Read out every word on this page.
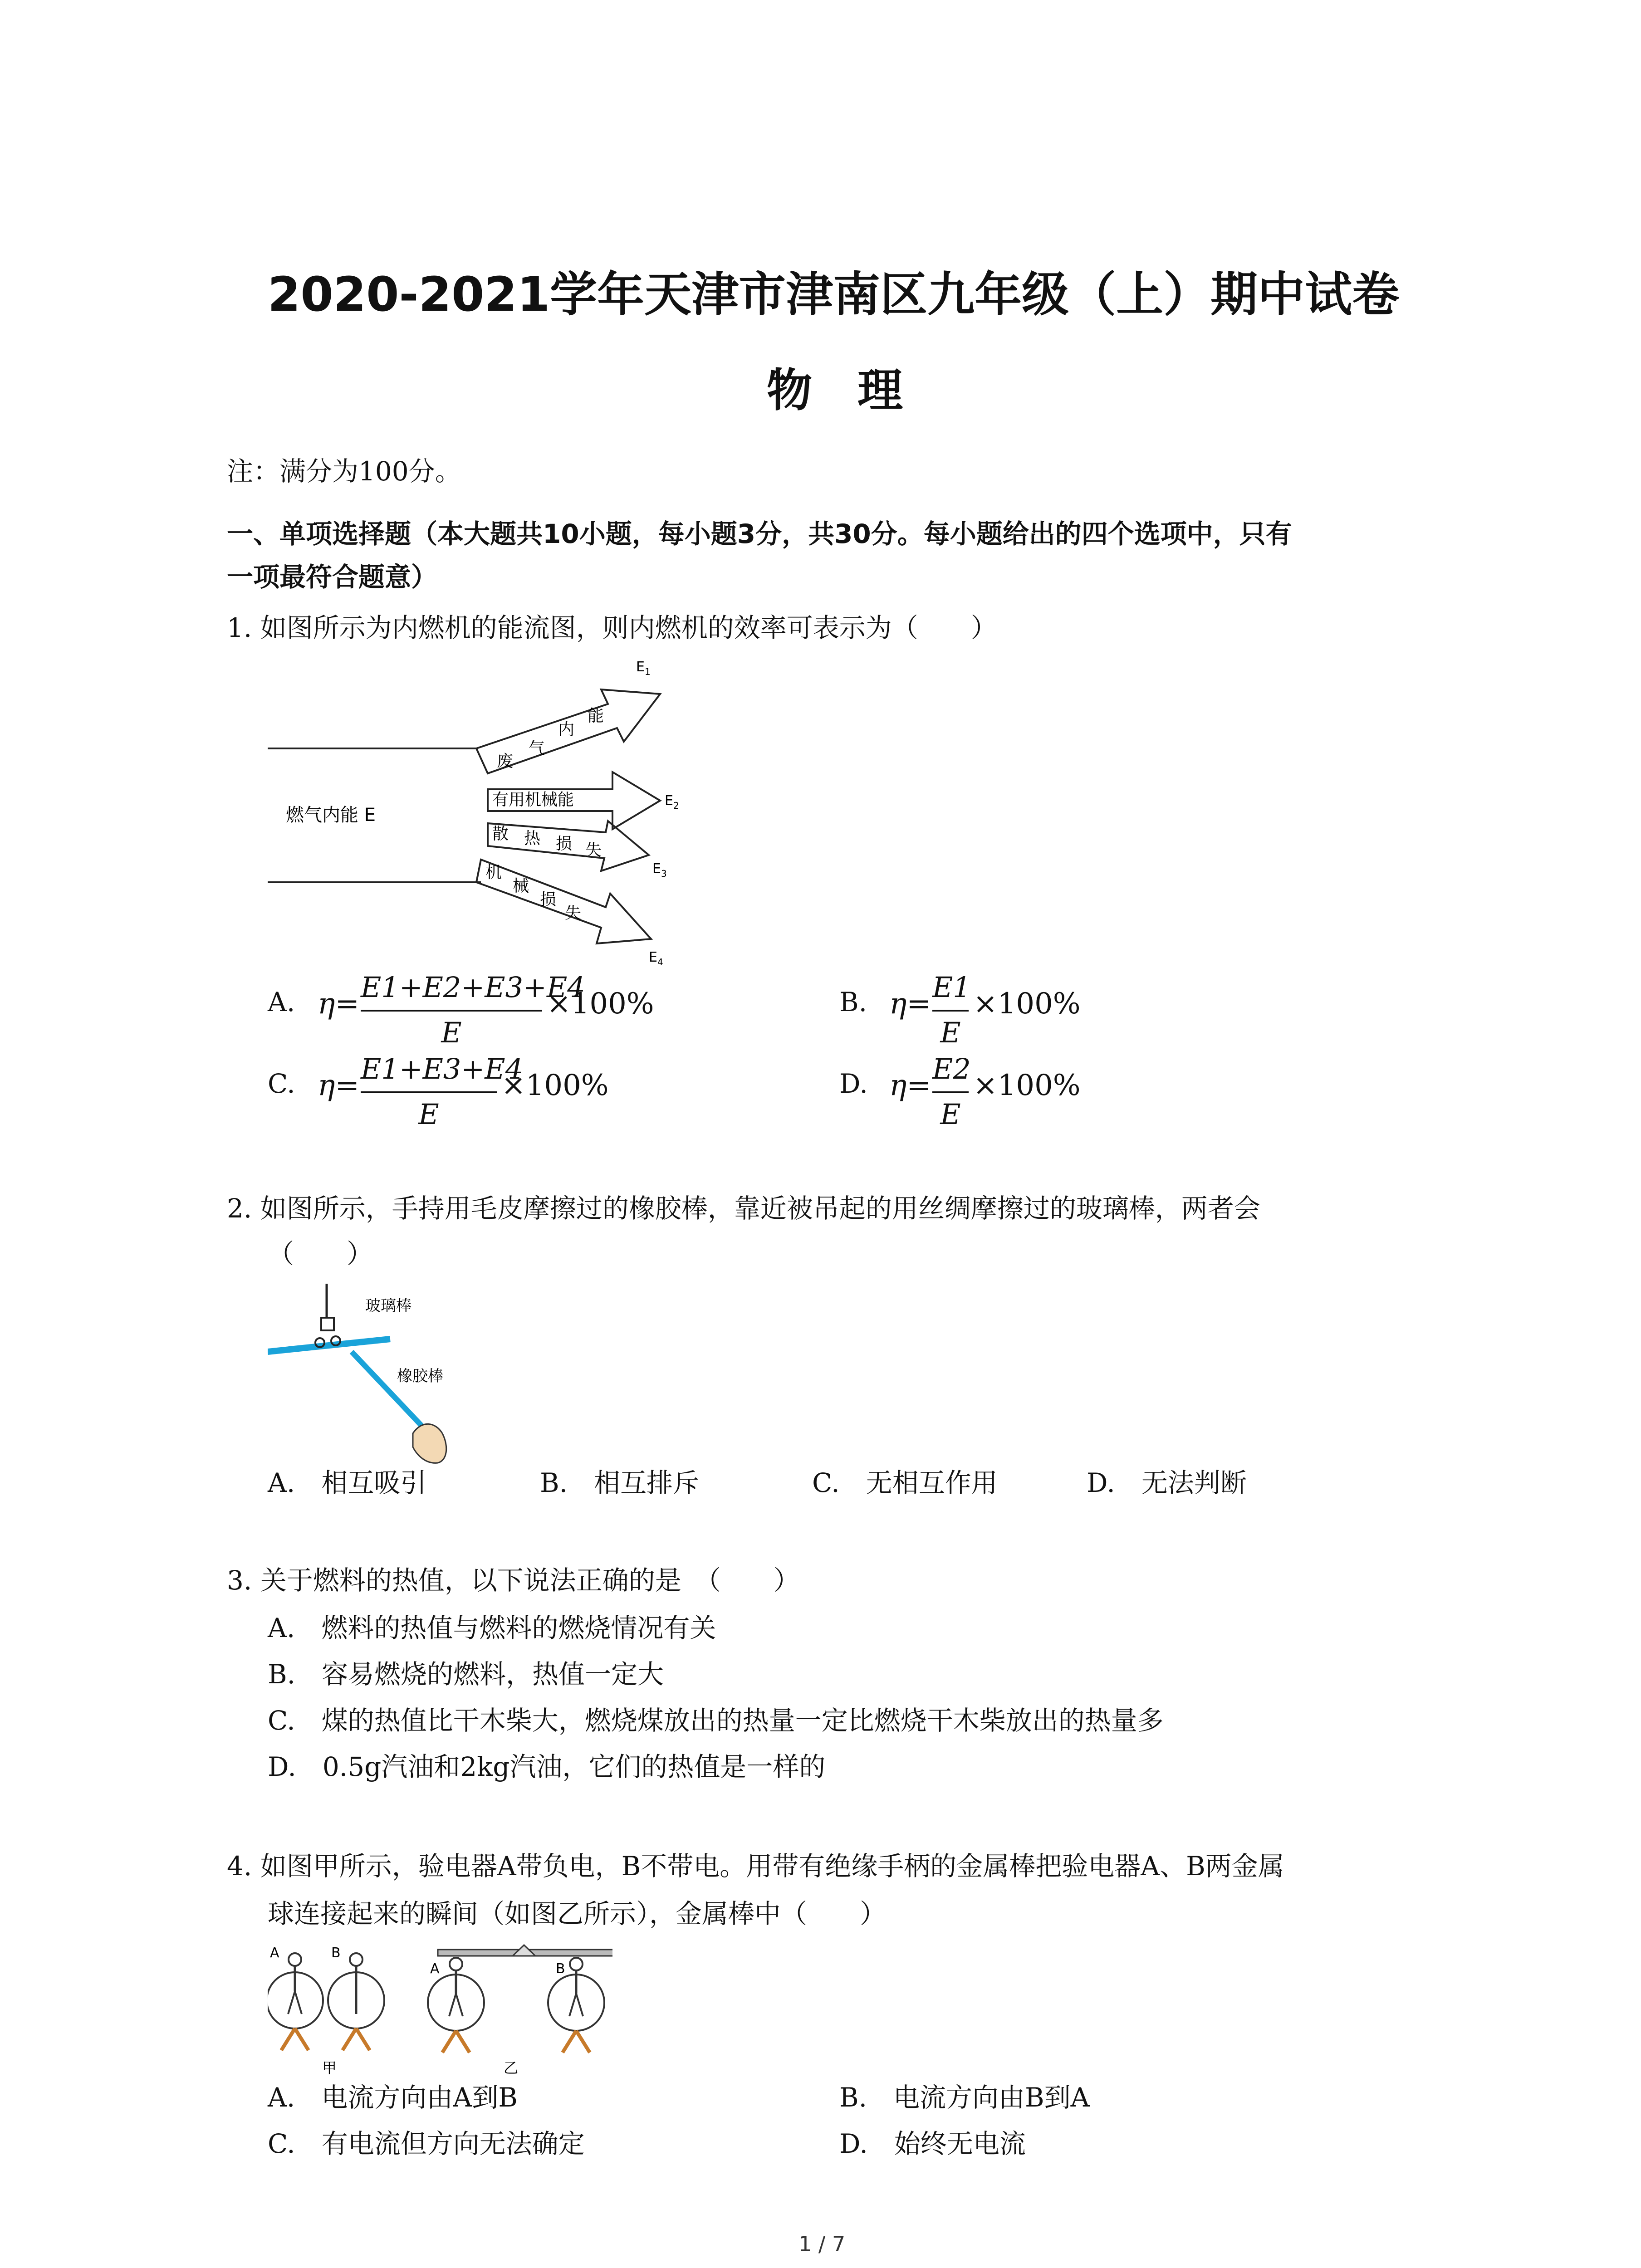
2020-2021学年天津市津南区九年级（上）期中试卷
物理
注：满分为100分。
一、单项选择题（本大题共10小题，每小题3分，共30分。每小题给出的四个选项中，只有
一项最符合题意）
1. 如图所示为内燃机的能流图，则内燃机的效率可表示为（　　）
燃气内能 E
废
气
内
能
有用机械能
散 热 损 失
机
械
损
失
$E_1$
$E_2$
$E_3$
$E_4$
A. η= E1+E2+E3+E4
E
×100%	B. η= E1
E
×100%
C. η= E1+E3+E4
E
×100%	D. η= E2
E
×100%
2. 如图所示，手持用毛皮摩擦过的橡胶棒，靠近被吊起的用丝绸摩擦过的玻璃棒，两者会
（　　）
玻璃棒
橡胶棒
A.　相互吸引	B.　相互排斥	C.　无相互作用	D.　无法判断
3. 关于燃料的热值，以下说法正确的是　（　　）
A.　燃料的热值与燃料的燃烧情况有关
B.　容易燃烧的燃料，热值一定大
C.　煤的热值比干木柴大，燃烧煤放出的热量一定比燃烧干木柴放出的热量多
D.　0.5g汽油和2kg汽油，它们的热值是一样的
4. 如图甲所示，验电器A带负电，B不带电。用带有绝缘手柄的金属棒把验电器A、B两金属
球连接起来的瞬间（如图乙所示），金属棒中（　　）
A	B
甲
A	B
乙
A.　电流方向由A到B	B.　电流方向由B到A
C.　有电流但方向无法确定	D.　始终无电流
1 / 7
